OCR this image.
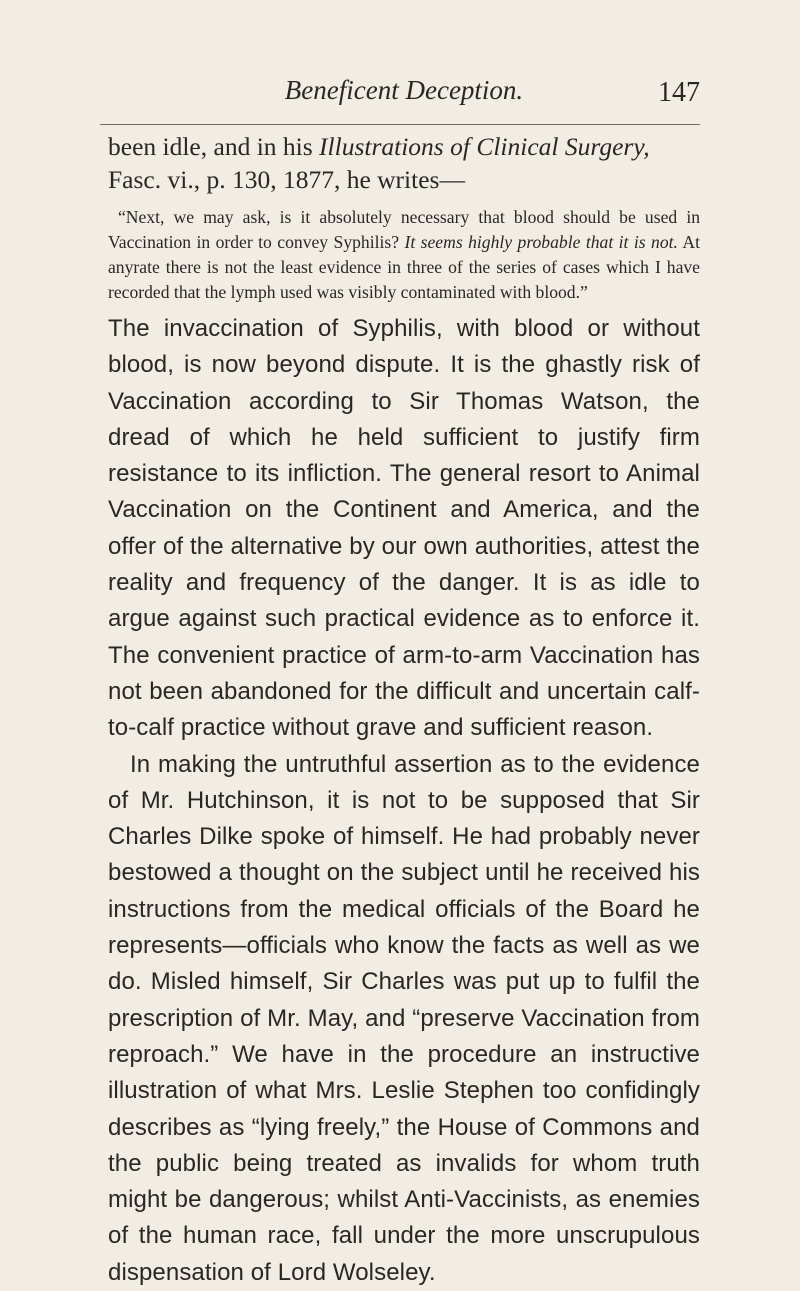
Beneficent Deception.	147

been idle, and in his Illustrations of Clinical Surgery, Fasc. vi., p. 130, 1877, he writes—

“Next, we may ask, is it absolutely necessary that blood should be used in Vaccination in order to convey Syphilis? It seems highly probable that it is not. At anyrate there is not the least evidence in three of the series of cases which I have recorded that the lymph used was visibly contaminated with blood.”

The invaccination of Syphilis, with blood or without blood, is now beyond dispute. It is the ghastly risk of Vaccination according to Sir Thomas Watson, the dread of which he held sufficient to justify firm resistance to its infliction. The general resort to Animal Vaccination on the Continent and America, and the offer of the alternative by our own authorities, attest the reality and frequency of the danger. It is as idle to argue against such practical evidence as to enforce it. The convenient practice of arm-to-arm Vaccination has not been abandoned for the difficult and uncertain calf-to-calf practice without grave and sufficient reason.

In making the untruthful assertion as to the evidence of Mr. Hutchinson, it is not to be supposed that Sir Charles Dilke spoke of himself. He had probably never bestowed a thought on the subject until he received his instructions from the medical officials of the Board he represents—officials who know the facts as well as we do. Misled himself, Sir Charles was put up to fulfil the prescription of Mr. May, and “preserve Vaccination from reproach.” We have in the procedure an instructive illustration of what Mrs. Leslie Stephen too confidingly describes as “lying freely,” the House of Commons and the public being treated as invalids for whom truth might be dangerous; whilst Anti-Vaccinists, as enemies of the human race, fall under the more unscrupulous dispensation of Lord Wolseley.
